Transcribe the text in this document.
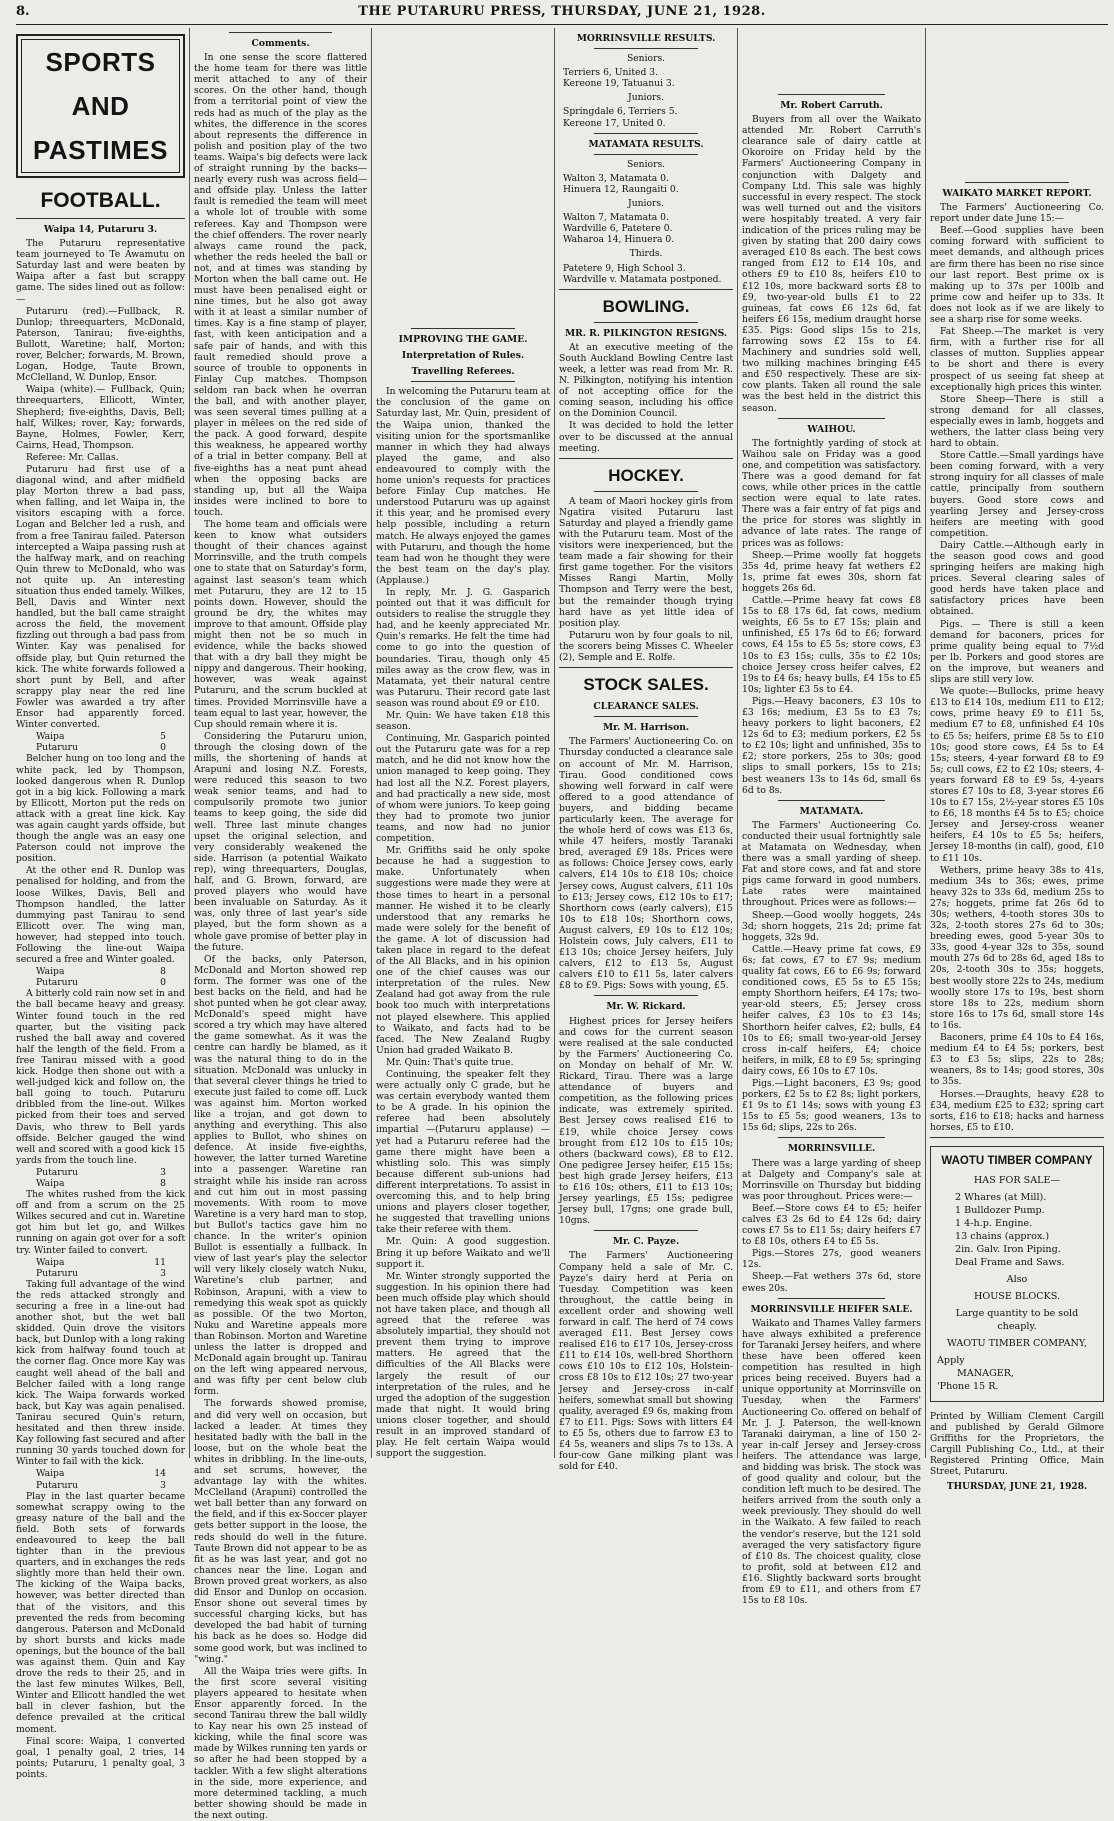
8.	THE PUTARURU PRESS, THURSDAY, JUNE 21, 1928.
SPORTS AND PASTIMES
FOOTBALL.

Waipa 14, Putaruru 3.

The Putaruru representative team journeyed to Te Awamutu on Saturday last and were beaten by Waipa after a fast but scrappy game. The sides lined out as follow:—

Putaruru (red).—Fullback, R. Dunlop; threequarters, McDonald, Paterson, Tanirau; five-eighths, Bullott, Waretine; half, Morton; rover, Belcher; forwards, M. Brown, Logan, Hodge, Taute Brown, McClelland, W. Dunlop, Ensor.

Waipa (white).— Fullback, Quin; threequarters, Ellicott, Winter, Shepherd; five-eighths, Davis, Bell; half, Wilkes; rover, Kay; forwards, Bayne, Holmes, Fowler, Kerr, Cairns, Head, Thompson.

Referee: Mr. Callas.

Putaruru had first use of a diagonal wind, and after midfield play Morton threw a bad pass, when falling, and let Waipa in, the visitors escaping with a force. Logan and Belcher led a rush, and from a free Tanirau failed. Paterson intercepted a Waipa passing rush at the halfway mark, and on reaching Quin threw to McDonald, who was not quite up. An interesting situation thus ended tamely. Wilkes, Bell, Davis and Winter next handled, but the ball came straight across the field, the movement fizzling out through a bad pass from Winter. Kay was penalised for offside play, but Quin returned the kick. The white forwards followed a short punt by Bell, and after scrappy play near the red line Fowler was awarded a try after Ensor had apparently forced. Winter converted.

Waipa	5
Putaruru	0

Belcher hung on too long and the white pack, led by Thompson, looked dangerous when R. Dunlop got in a big kick. Following a mark by Ellicott, Morton put the reds on attack with a great line kick. Kay was again caught yards offside, but though the angle was an easy one Paterson could not improve the position.

At the other end R. Dunlop was penalised for holding, and from the loose Wilkes, Davis, Bell and Thompson handled, the latter dummying past Tanirau to send Ellicott over. The wing man, however, had stepped into touch. Following the line-out Waipa secured a free and Winter goaled.

Waipa	8
Putaruru	0

A bitterly cold rain now set in and the ball became heavy and greasy. Winter found touch in the red quarter, but the visiting pack rushed the ball away and covered half the length of the field. From a free Tanirau missed with a good kick. Hodge then shone out with a well-judged kick and follow on, the ball going to touch. Putaruru dribbled from the line-out. Wilkes picked from their toes and served Davis, who threw to Bell yards offside. Belcher gauged the wind well and scored with a good kick 15 yards from the touch line.

Putaruru	3
Waipa	8

The whites rushed from the kick off and from a scrum on the 25 Wilkes secured and cut in. Waretine got him but let go, and Wilkes running on again got over for a soft try. Winter failed to convert.

Waipa	11
Putaruru	3

Taking full advantage of the wind the reds attacked strongly and securing a free in a line-out had another shot, but the wet ball skidded. Quin drove the visitors back, but Dunlop with a long raking kick from halfway found touch at the corner flag. Once more Kay was caught well ahead of the ball and Belcher failed with a long range kick. The Waipa forwards worked back, but Kay was again penalised. Tanirau secured Quin's return, hesitated and then threw inside. Kay following fast secured and after running 30 yards touched down for Winter to fail with the kick.

Waipa	14
Putaruru	3

Play in the last quarter became somewhat scrappy owing to the greasy nature of the ball and the field. Both sets of forwards endeavoured to keep the ball tighter than in the previous quarters, and in exchanges the reds slightly more than held their own. The kicking of the Waipa backs, however, was better directed than that of the visitors, and this prevented the reds from becoming dangerous. Paterson and McDonald by short bursts and kicks made openings, but the bounce of the ball was against them. Quin and Kay drove the reds to their 25, and in the last few minutes Wilkes, Bell, Winter and Ellicott handled the wet ball in clever fashion, but the defence prevailed at the critical moment.

Final score: Waipa, 1 converted goal, 1 penalty goal, 2 tries, 14 points; Putaruru, 1 penalty goal, 3 points.

Comments.

In one sense the score flattered the home team for there was little merit attached to any of their scores. On the other hand, though from a territorial point of view the reds had as much of the play as the whites, the difference in the scores about represents the difference in polish and position play of the two teams. Waipa's big defects were lack of straight running by the backs—nearly every rush was across field—and offside play. Unless the latter fault is remedied the team will meet a whole lot of trouble with some referees. Kay and Thompson were the chief offenders. The rover nearly always came round the pack, whether the reds heeled the ball or not, and at times was standing by Morton when the ball came out. He must have been penalised eight or nine times, but he also got away with it at least a similar number of times. Kay is a fine stamp of player, fast, with keen anticipation and a safe pair of hands, and with this fault remedied should prove a source of trouble to opponents in Finlay Cup matches. Thompson seldom ran back when he overran the ball, and with another player, was seen several times pulling at a player in mêlees on the red side of the pack. A good forward, despite this weakness, he appeared worthy of a trial in better company. Bell at five-eighths has a neat punt ahead when the opposing backs are standing up, but all the Waipa insides were inclined to bore to touch.

The home team and officials were keen to know what outsiders thought of their chances against Morrinsville, and the truth compels one to state that on Saturday's form, against last season's team which met Putaruru, they are 12 to 15 points down. However, should the ground be dry, the whites may improve to that amount. Offside play might then not be so much in evidence, while the backs showed that with a dry ball they might be nippy and dangerous. Their hooking, however, was weak against Putaruru, and the scrum buckled at times. Provided Morrinsville have a team equal to last year, however, the Cup should remain where it is.

Considering the Putaruru union, through the closing down of the mills, the shortening of hands at Arapuni and losing N.Z. Forests, were reduced this season to two weak senior teams, and had to compulsorily promote two junior teams to keep going, the side did well. Three last minute changes upset the original selection, and very considerably weakened the side. Harrison (a potential Waikato rep), wing threequarters, Douglas, half, and G. Brown, forward, are proved players who would have been invaluable on Saturday. As it was, only three of last year's side played, but the form shown as a whole gave promise of better play in the future.

Of the backs, only Paterson, McDonald and Morton showed rep form. The former was one of the best backs on the field, and had he shot punted when he got clear away, McDonald's speed might have scored a try which may have altered the game somewhat. As it was the centre can hardly be blamed, as it was the natural thing to do in the situation. McDonald was unlucky in that several clever things he tried to execute just failed to come off. Luck was against him. Morton worked like a trojan, and got down to anything and everything. This also applies to Bullot, who shines on defence. At inside five-eighths, however, the latter turned Waretine into a passenger. Waretine ran straight while his inside ran across and cut him out in most passing movements. With room to move Waretine is a very hard man to stop, but Bullot's tactics gave him no chance. In the writer's opinion Bullot is essentially a fullback. In view of last year's play the selector will very likely closely watch Nuku, Waretine's club partner, and Robinson, Arapuni, with a view to remedying this weak spot as quickly as possible. Of the two Morton, Nuku and Waretine appeals more than Robinson. Morton and Waretine unless the latter is dropped and McDonald again brought up. Tanirau on the left wing appeared nervous, and was fifty per cent below club form.

The forwards showed promise, and did very well on occasion, but lacked a leader. At times they hesitated badly with the ball in the loose, but on the whole beat the whites in dribbling. In the line-outs, and set scrums, however, the advantage lay with the whites. McClelland (Arapuni) controlled the wet ball better than any forward on the field, and if this ex-Soccer player gets better support in the loose, the reds should do well in the future. Taute Brown did not appear to be as fit as he was last year, and got no chances near the line. Logan and Brown proved great workers, as also did Ensor and Dunlop on occasion. Ensor shone out several times by successful charging kicks, but has developed the bad habit of turning his back as he does so. Hodge did some good work, but was inclined to "wing."

All the Waipa tries were gifts. In the first score several visiting players appeared to hesitate when Ensor apparently forced. In the second Tanirau threw the ball wildly to Kay near his own 25 instead of kicking, while the final score was made by Wilkes running ten yards or so after he had been stopped by a tackler. With a few slight alterations in the side, more experience, and more determined tackling, a much better showing should be made in the next outing.

IMPROVING THE GAME.

Interpretation of Rules.

Travelling Referees.

In welcoming the Putaruru team at the conclusion of the game on Saturday last, Mr. Quin, president of the Waipa union, thanked the visiting union for the sportsmanlike manner in which they had always played the game, and also endeavoured to comply with the home union's requests for practices before Finlay Cup matches. He understood Putaruru was up against it this year, and he promised every help possible, including a return match. He always enjoyed the games with Putaruru, and though the home team had won he thought they were the best team on the day's play. (Applause.)

In reply, Mr. J. G. Gasparich pointed out that it was difficult for outsiders to realise the struggle they had, and he keenly appreciated Mr. Quin's remarks. He felt the time had come to go into the question of boundaries. Tirau, though only 45 miles away as the crow flew, was in Matamata, yet their natural centre was Putaruru. Their record gate last season was round about £9 or £10.

Mr. Quin: We have taken £18 this season.

Continuing, Mr. Gasparich pointed out the Putaruru gate was for a rep match, and he did not know how the union managed to keep going. They had lost all the N.Z. Forest players, and had practically a new side, most of whom were juniors. To keep going they had to promote two junior teams, and now had no junior competition.

Mr. Griffiths said he only spoke because he had a suggestion to make. Unfortunately when suggestions were made they were at those times to heart in a personal manner. He wished it to be clearly understood that any remarks he made were solely for the benefit of the game. A lot of discussion had taken place in regard to the defeat of the All Blacks, and in his opinion one of the chief causes was our interpretation of the rules. New Zealand had got away from the rule book too much with interpretations not played elsewhere. This applied to Waikato, and facts had to be faced. The New Zealand Rugby Union had graded Waikato B.

Mr. Quin: That's quite true.

Continuing, the speaker felt they were actually only C grade, but he was certain everybody wanted them to be A grade. In his opinion the referee had been absolutely impartial —(Putaruru applause) — yet had a Putaruru referee had the game there might have been a whistling solo. This was simply because different sub-unions had different interpretations. To assist in overcoming this, and to help bring unions and players closer together, he suggested that travelling unions take their referee with them.

Mr. Quin: A good suggestion. Bring it up before Waikato and we'll support it.

Mr. Winter strongly supported the suggestion. In his opinion there had been much offside play which should not have taken place, and though all agreed that the referee was absolutely impartial, they should not prevent them trying to improve matters. He agreed that the difficulties of the All Blacks were largely the result of our interpretation of the rules, and he urged the adoption of the suggestion made that night. It would bring unions closer together, and should result in an improved standard of play. He felt certain Waipa would support the suggestion.

MORRINSVILLE RESULTS.

Seniors.

Terriers 6, United 3.

Kereone 19, Tatuanui 3.

Juniors.

Springdale 6, Terriers 5.

Kereone 17, United 0.

MATAMATA RESULTS.

Seniors.

Walton 3, Matamata 0.

Hinuera 12, Raungaiti 0.

Juniors.

Walton 7, Matamata 0.

Wardville 6, Patetere 0.

Waharoa 14, Hinuera 0.

Thirds.

Patetere 9, High School 3.

Wardville v. Matamata postponed.

BOWLING.

MR. R. PILKINGTON RESIGNS.

At an executive meeting of the South Auckland Bowling Centre last week, a letter was read from Mr. R. N. Pilkington, notifying his intention of not accepting office for the coming season, including his office on the Dominion Council.

It was decided to hold the letter over to be discussed at the annual meeting.

HOCKEY.

A team of Maori hockey girls from Ngatira visited Putaruru last Saturday and played a friendly game with the Putaruru team. Most of the visitors were inexperienced, but the team made a fair showing for their first game together. For the visitors Misses Rangi Martin, Molly Thompson and Terry were the best, but the remainder though trying hard have as yet little idea of position play.

Putaruru won by four goals to nil, the scorers being Misses C. Wheeler (2), Semple and E. Rolfe.

STOCK SALES.

CLEARANCE SALES.

Mr. M. Harrison.

The Farmers' Auctioneering Co. on Thursday conducted a clearance sale on account of Mr. M. Harrison, Tirau. Good conditioned cows showing well forward in calf were offered to a good attendance of buyers, and bidding became particularly keen. The average for the whole herd of cows was £13 6s, while 47 heifers, mostly Taranaki bred, averaged £9 18s. Prices were as follows: Choice Jersey cows, early calvers, £14 10s to £18 10s; choice Jersey cows, August calvers, £11 10s to £13; Jersey cows, £12 10s to £17; Shorthorn cows (early calvers), £15 10s to £18 10s; Shorthorn cows, August calvers, £9 10s to £12 10s; Holstein cows, July calvers, £11 to £13 10s; choice Jersey heifers, July calvers, £12 to £13 5s, August calvers £10 to £11 5s, later calvers £8 to £9. Pigs: Sows with young, £5.

Mr. W. Rickard.

Highest prices for Jersey heifers and cows for the current season were realised at the sale conducted by the Farmers' Auctioneering Co. on Monday on behalf of Mr. W. Rickard, Tirau. There was a large attendance of buyers and competition, as the following prices indicate, was extremely spirited. Best Jersey cows realised £16 to £19, while choice Jersey cows brought from £12 10s to £15 10s; others (backward cows), £8 to £12. One pedigree Jersey heifer, £15 15s; best high grade Jersey heifers, £13 to £16 10s; others, £11 to £13 10s; Jersey yearlings, £5 15s; pedigree Jersey bull, 17gns; one grade bull, 10gns.

Mr. C. Payze.

The Farmers' Auctioneering Company held a sale of Mr. C. Payze's dairy herd at Peria on Tuesday. Competition was keen throughout, the cattle being in excellent order and showing well forward in calf. The herd of 74 cows averaged £11. Best Jersey cows realised £16 to £17 10s, Jersey-cross £11 to £14 10s, well-bred Shorthorn cows £10 10s to £12 10s, Holstein-cross £8 10s to £12 10s; 27 two-year Jersey and Jersey-cross in-calf heifers, somewhat small but showing quality, averaged £9 6s, making from £7 to £11. Pigs: Sows with litters £4 to £5 5s, others due to farrow £3 to £4 5s, weaners and slips 7s to 13s. A four-cow Gane milking plant was sold for £40.

Mr. Robert Carruth.

Buyers from all over the Waikato attended Mr. Robert Carruth's clearance sale of dairy cattle at Okoroire on Friday held by the Farmers' Auctioneering Company in conjunction with Dalgety and Company Ltd. This sale was highly successful in every respect. The stock was well turned out and the visitors were hospitably treated. A very fair indication of the prices ruling may be given by stating that 200 dairy cows averaged £10 8s each. The best cows ranged from £12 to £14 10s, and others £9 to £10 8s, heifers £10 to £12 10s, more backward sorts £8 to £9, two-year-old bulls £1 to 22 guineas, fat cows £6 12s 6d, fat heifers £6 15s, medium draught horse £35. Pigs: Good slips 15s to 21s, farrowing sows £2 15s to £4. Machinery and sundries sold well, two milking machines bringing £45 and £50 respectively. These are six-cow plants. Taken all round the sale was the best held in the district this season.

WAIHOU.

The fortnightly yarding of stock at Waihou sale on Friday was a good one, and competition was satisfactory. There was a good demand for fat cows, while other prices in the cattle section were equal to late rates. There was a fair entry of fat pigs and the price for stores was slightly in advance of late rates. The range of prices was as follows:

Sheep.—Prime woolly fat hoggets 35s 4d, prime heavy fat wethers £2 1s, prime fat ewes 30s, shorn fat hoggets 26s 6d.

Cattle.—Prime heavy fat cows £8 15s to £8 17s 6d, fat cows, medium weights, £6 5s to £7 15s; plain and unfinished, £5 17s 6d to £6; forward cows, £4 15s to £5 5s; store cows, £3 10s to £3 15s; culls, 35s to £2 10s; choice Jersey cross heifer calves, £2 19s to £4 6s; heavy bulls, £4 15s to £5 10s; lighter £3 5s to £4.

Pigs.—Heavy baconers, £3 10s to £3 16s; medium, £3 5s to £3 7s; heavy porkers to light baconers, £2 12s 6d to £3; medium porkers, £2 5s to £2 10s; light and unfinished, 35s to £2; store porkers, 25s to 30s; good slips to small porkers, 15s to 21s; best weaners 13s to 14s 6d, small 6s 6d to 8s.

MATAMATA.

The Farmers' Auctioneering Co. conducted their usual fortnightly sale at Matamata on Wednesday, when there was a small yarding of sheep. Fat and store cows, and fat and store pigs came forward in good numbers. Late rates were maintained throughout. Prices were as follows:—

Sheep.—Good woolly hoggets, 24s 3d; shorn hoggets, 21s 2d; prime fat hoggets, 32s 9d.

Cattle.—Heavy prime fat cows, £9 6s; fat cows, £7 to £7 9s; medium quality fat cows, £6 to £6 9s; forward conditioned cows, £5 5s to £5 15s; empty Shorthorn heifers, £4 17s; two-year-old steers, £5; Jersey cross heifer calves, £3 10s to £3 14s; Shorthorn heifer calves, £2; bulls, £4 10s to £6; small two-year-old Jersey cross in-calf heifers, £4; choice heifers, in milk, £8 to £9 5s; springing dairy cows, £6 10s to £7 10s.

Pigs.—Light baconers, £3 9s; good porkers, £2 5s to £2 8s; light porkers, £1 9s to £1 14s; sows with young £3 15s to £5 5s; good weaners, 13s to 15s 6d; slips, 22s to 26s.

MORRINSVILLE.

There was a large yarding of sheep at Dalgety and Company's sale at Morrinsville on Thursday but bidding was poor throughout. Prices were:—

Beef.—Store cows £4 to £5; heifer calves £3 2s 6d to £4 12s 6d; dairy cows £7 5s to £11 5s; dairy heifers £7 to £8 10s, others £4 to £5 5s.

Pigs.—Stores 27s, good weaners 12s.

Sheep.—Fat wethers 37s 6d, store ewes 20s.

MORRINSVILLE HEIFER SALE.

Waikato and Thames Valley farmers have always exhibited a preference for Taranaki Jersey heifers, and where these have been offered keen competition has resulted in high prices being received. Buyers had a unique opportunity at Morrinsville on Tuesday, when the Farmers' Auctioneering Co. offered on behalf of Mr. J. J. Paterson, the well-known Taranaki dairyman, a line of 150 2-year in-calf Jersey and Jersey-cross heifers. The attendance was large, and bidding was brisk. The stock was of good quality and colour, but the condition left much to be desired. The heifers arrived from the south only a week previously. They should do well in the Waikato. A few failed to reach the vendor's reserve, but the 121 sold averaged the very satisfactory figure of £10 8s. The choicest quality, close to profit, sold at between £12 and £16. Slightly backward sorts brought from £9 to £11, and others from £7 15s to £8 10s.

WAIKATO MARKET REPORT.

The Farmers' Auctioneering Co. report under date June 15:—

Beef.—Good supplies have been coming forward with sufficient to meet demands, and although prices are firm there has been no rise since our last report. Best prime ox is making up to 37s per 100lb and prime cow and heifer up to 33s. It does not look as if we are likely to see a sharp rise for some weeks.

Fat Sheep.—The market is very firm, with a further rise for all classes of mutton. Supplies appear to be short and there is every prospect of us seeing fat sheep at exceptionally high prices this winter.

Store Sheep—There is still a strong demand for all classes, especially ewes in lamb, hoggets and wethers, the latter class being very hard to obtain.

Store Cattle.—Small yardings have been coming forward, with a very strong inquiry for all classes of male cattle, principally from southern buyers. Good store cows and yearling Jersey and Jersey-cross heifers are meeting with good competition.

Dairy Cattle.—Although early in the season good cows and good springing heifers are making high prices. Several clearing sales of good herds have taken place and satisfactory prices have been obtained.

Pigs. — There is still a keen demand for baconers, prices for prime quality being equal to 7½d per lb. Porkers and good stores are on the improve, but weaners and slips are still very low.

We quote:—Bullocks, prime heavy £13 to £14 10s, medium £11 to £12; cows, prime heavy £9 to £11 5s, medium £7 to £8, unfinished £4 10s to £5 5s; heifers, prime £8 5s to £10 10s; good store cows, £4 5s to £4 15s; steers, 4-year forward £8 to £9 5s; cull cows, £2 to £2 10s; steers, 4-years forward £8 to £9 5s, 4-years stores £7 10s to £8, 3-year stores £6 10s to £7 15s, 2½-year stores £5 10s to £6, 18 months £4 5s to £5; choice Jersey and Jersey-cross weaner heifers, £4 10s to £5 5s; heifers, Jersey 18-months (in calf), good, £10 to £11 10s.

Wethers, prime heavy 38s to 41s, medium 34s to 36s; ewes, prime heavy 32s to 33s 6d, medium 25s to 27s; hoggets, prime fat 26s 6d to 30s; wethers, 4-tooth stores 30s to 32s, 2-tooth stores 27s 6d to 30s; breeding ewes, good 5-year 30s to 33s, good 4-year 32s to 35s, sound mouth 27s 6d to 28s 6d, aged 18s to 20s, 2-tooth 30s to 35s; hoggets, best woolly store 22s to 24s, medium woolly store 17s to 19s, best shorn store 18s to 22s, medium shorn store 16s to 17s 6d, small store 14s to 16s.

Baconers, prime £4 10s to £4 16s, medium £4 to £4 5s; porkers, best £3 to £3 5s; slips, 22s to 28s; weaners, 8s to 14s; good stores, 30s to 35s.

Horses.—Draughts, heavy £28 to £34, medium £25 to £32; spring cart sorts, £16 to £18; hacks and harness horses, £5 to £10.

WAOTU TIMBER COMPANY
HAS FOR SALE—
2 Whares (at Mill).
1 Bulldozer Pump.
1 4-h.p. Engine.
13 chains (approx.)
2in. Galv. Iron Piping.
Deal Frame and Saws.
Also
HOUSE BLOCKS.
Large quantity to be sold cheaply.
WAOTU TIMBER COMPANY,
Apply
MANAGER,
'Phone 15 R.

Printed by William Clement Cargill and published by Gerald Gilmore Griffiths for the Proprietors, the Cargill Publishing Co., Ltd., at their Registered Printing Office, Main Street, Putaruru.

THURSDAY, JUNE 21, 1928.
